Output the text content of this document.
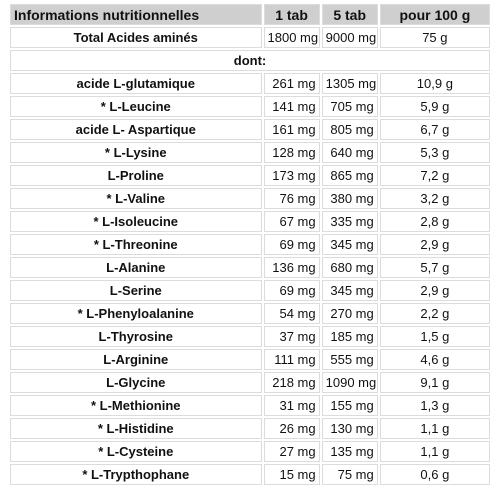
Informations nutritionnelles	1 tab	5 tab	pour 100 g
Total Acides aminés	1800 mg	9000 mg	75 g
dont:			
acide L-glutamique	261 mg	1305 mg	10,9 g
* L-Leucine	141 mg	705 mg	5,9 g
acide L- Aspartique	161 mg	805 mg	6,7 g
* L-Lysine	128 mg	640 mg	5,3 g
L-Proline	173 mg	865 mg	7,2 g
* L-Valine	76 mg	380 mg	3,2 g
* L-Isoleucine	67 mg	335 mg	2,8 g
* L-Threonine	69 mg	345 mg	2,9 g
L-Alanine	136 mg	680 mg	5,7 g
L-Serine	69 mg	345 mg	2,9 g
* L-Phenyloalanine	54 mg	270 mg	2,2 g
L-Thyrosine	37 mg	185 mg	1,5 g
L-Arginine	111 mg	555 mg	4,6 g
L-Glycine	218 mg	1090 mg	9,1 g
* L-Methionine	31 mg	155 mg	1,3 g
* L-Histidine	26 mg	130 mg	1,1 g
* L-Cysteine	27 mg	135 mg	1,1 g
* L-Trypthophane	15 mg	75 mg	0,6 g
